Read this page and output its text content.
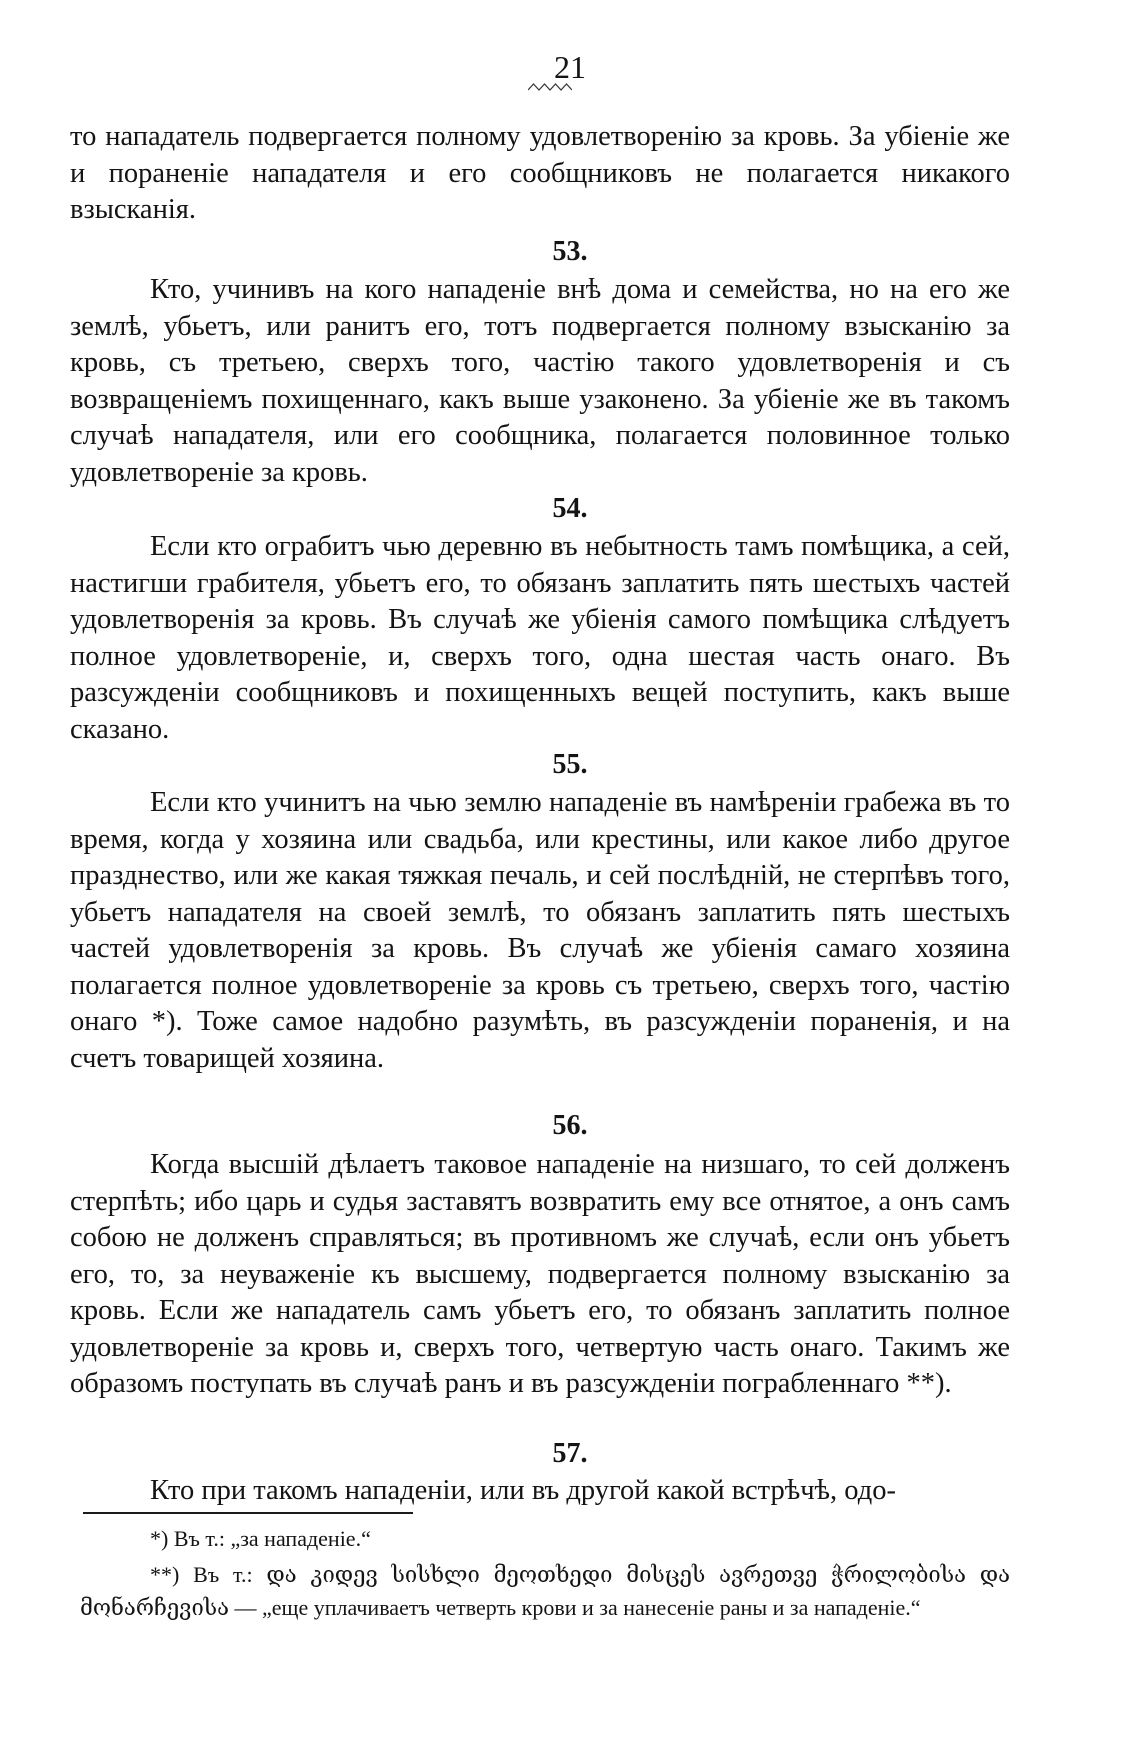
21

то нападатель подвергается полному удовлетворенію за кровь. За убіеніе же и пораненіе нападателя и его сообщниковъ не полагается никакого взысканія.

53.

Кто, учинивъ на кого нападеніе внѣ дома и семейства, но на его же землѣ, убьетъ, или ранитъ его, тотъ подвергается полному взысканію за кровь, съ третьею, сверхъ того, частію такого удовлетворенія и съ возвращеніемъ похищеннаго, какъ выше узаконено. За убіеніе же въ такомъ случаѣ нападателя, или его сообщника, полагается половинное только удовлетвореніе за кровь.

54.

Если кто ограбитъ чью деревню въ небытность тамъ помѣщика, а сей, настигши грабителя, убьетъ его, то обязанъ заплатить пять шестыхъ частей удовлетворенія за кровь. Въ случаѣ же убіенія самого помѣщика слѣдуетъ полное удовлетвореніе, и, сверхъ того, одна шестая часть онаго. Въ разсужденіи сообщниковъ и похищенныхъ вещей поступить, какъ выше сказано.

55.

Если кто учинитъ на чью землю нападеніе въ намѣреніи грабежа въ то время, когда у хозяина или свадьба, или крестины, или какое либо другое празднество, или же какая тяжкая печаль, и сей послѣдній, не стерпѣвъ того, убьетъ нападателя на своей землѣ, то обязанъ заплатить пять шестыхъ частей удовлетворенія за кровь. Въ случаѣ же убіенія самаго хозяина полагается полное удовлетвореніе за кровь съ третьею, сверхъ того, частію онаго *). Тоже самое надобно разумѣть, въ разсужденіи пораненія, и на счетъ товарищей хозяина.

56.

Когда высшій дѣлаетъ таковое нападеніе на низшаго, то сей долженъ стерпѣть; ибо царь и судья заставятъ возвратить ему все отнятое, а онъ самъ собою не долженъ справляться; въ противномъ же случаѣ, если онъ убьетъ его, то, за неуваженіе къ высшему, подвергается полному взысканію за кровь. Если же нападатель самъ убьетъ его, то обязанъ заплатить полное удовлетвореніе за кровь и, сверхъ того, четвертую часть онаго. Такимъ же образомъ поступать въ случаѣ ранъ и въ разсужденіи пограбленнаго **).

57.

Кто при такомъ нападеніи, или въ другой какой встрѣчѣ, одо-

*) Въ т.: „за нападеніе.“
**) Въ т.: და კიდევ სისხლი მეოთხედი მისცეს ავრეთვე ჭრილობისა და მონარჩევისა — „еще уплачиваетъ четверть крови и за нанесеніе раны и за нападеніе.“
